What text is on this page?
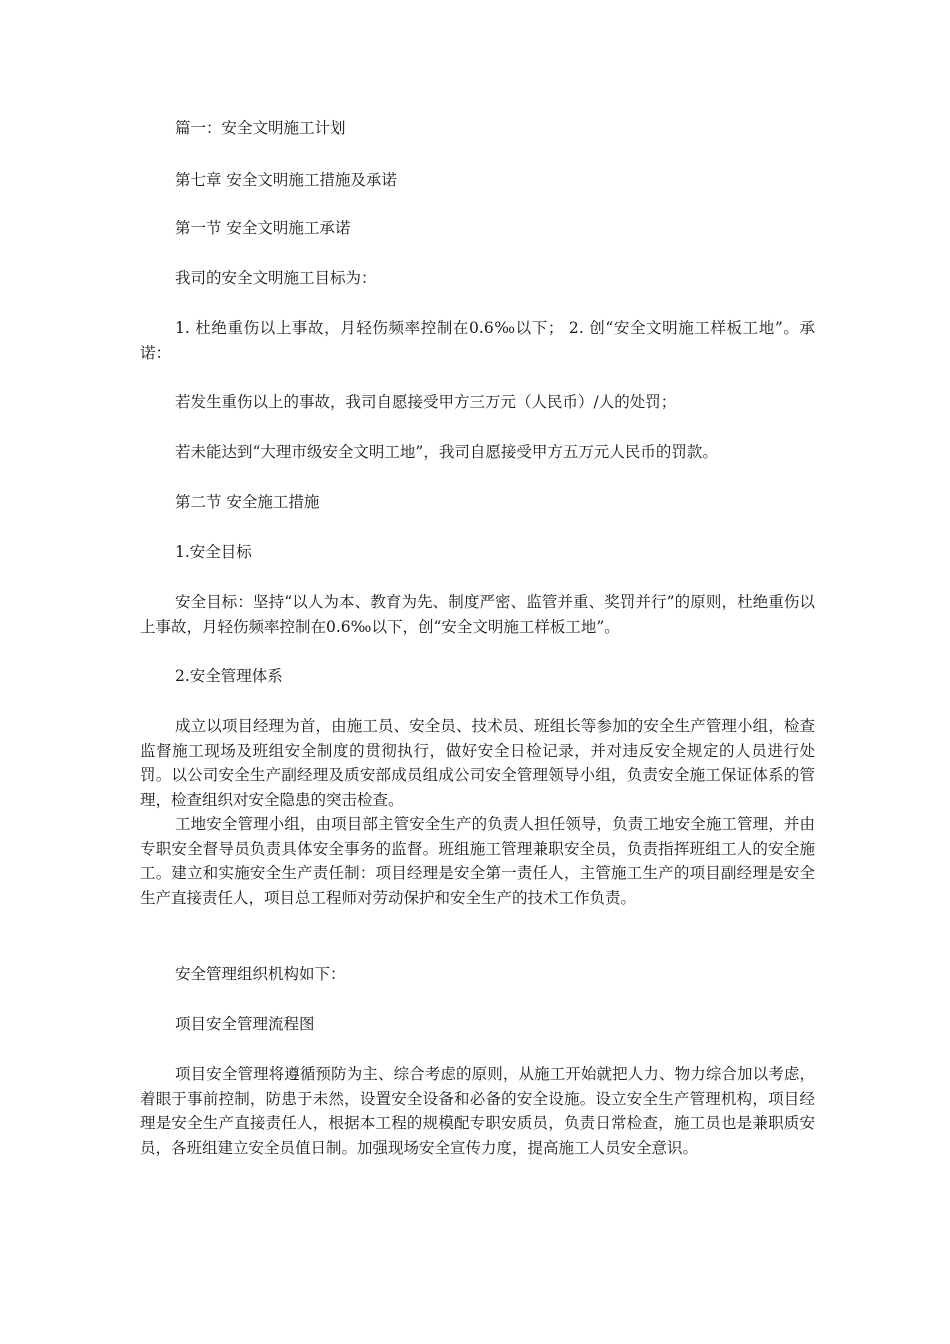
篇一：安全文明施工计划

第七章 安全文明施工措施及承诺

第一节 安全文明施工承诺

我司的安全文明施工目标为：

1. 杜绝重伤以上事故，月轻伤频率控制在0.6‰以下； 2. 创“安全文明施工样板工地”。承诺：

若发生重伤以上的事故，我司自愿接受甲方三万元（人民币）/人的处罚；

若未能达到“大理市级安全文明工地”，我司自愿接受甲方五万元人民币的罚款。

第二节 安全施工措施

1.安全目标

安全目标：坚持“以人为本、教育为先、制度严密、监管并重、奖罚并行”的原则，杜绝重伤以上事故，月轻伤频率控制在0.6‰以下，创“安全文明施工样板工地”。

2.安全管理体系

成立以项目经理为首，由施工员、安全员、技术员、班组长等参加的安全生产管理小组，检查监督施工现场及班组安全制度的贯彻执行，做好安全日检记录，并对违反安全规定的人员进行处罚。以公司安全生产副经理及质安部成员组成公司安全管理领导小组，负责安全施工保证体系的管理，检查组织对安全隐患的突击检查。

工地安全管理小组，由项目部主管安全生产的负责人担任领导，负责工地安全施工管理，并由专职安全督导员负责具体安全事务的监督。班组施工管理兼职安全员，负责指挥班组工人的安全施工。建立和实施安全生产责任制：项目经理是安全第一责任人，主管施工生产的项目副经理是安全生产直接责任人，项目总工程师对劳动保护和安全生产的技术工作负责。

安全管理组织机构如下：

项目安全管理流程图

项目安全管理将遵循预防为主、综合考虑的原则，从施工开始就把人力、物力综合加以考虑，着眼于事前控制，防患于未然，设置安全设备和必备的安全设施。设立安全生产管理机构，项目经理是安全生产直接责任人，根据本工程的规模配专职安质员，负责日常检查，施工员也是兼职质安员，各班组建立安全员值日制。加强现场安全宣传力度，提高施工人员安全意识。
